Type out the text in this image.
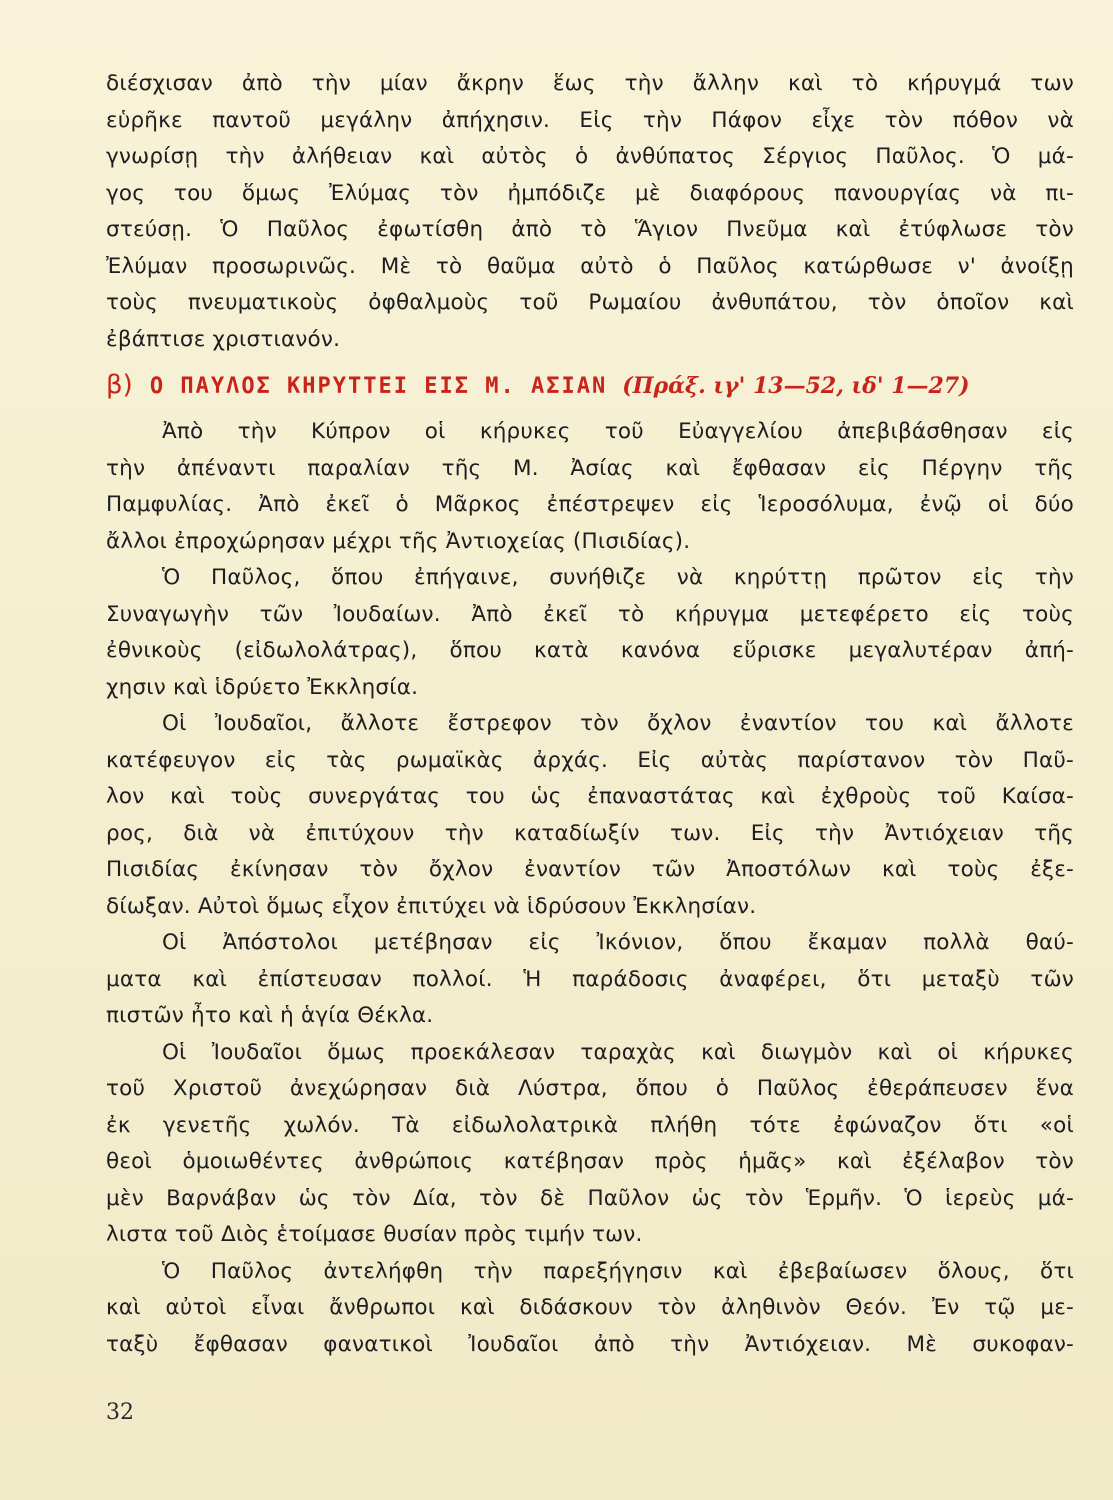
διέσχισαν ἀπὸ τὴν μίαν ἄκρην ἕως τὴν ἄλλην καὶ τὸ κήρυγμά των
εὑρῆκε παντοῦ μεγάλην ἀπήχησιν. Εἰς τὴν Πάφον εἶχε τὸν πόθον νὰ
γνωρίσῃ τὴν ἀλήθειαν καὶ αὐτὸς ὁ ἀνθύπατος Σέργιος Παῦλος. Ὁ μά-
γος του ὅμως Ἐλύμας τὸν ἠμπόδιζε μὲ διαφόρους πανουργίας νὰ πι-
στεύσῃ. Ὁ Παῦλος ἐφωτίσθη ἀπὸ τὸ Ἅγιον Πνεῦμα καὶ ἐτύφλωσε τὸν
Ἐλύμαν προσωρινῶς. Μὲ τὸ θαῦμα αὐτὸ ὁ Παῦλος κατώρθωσε ν' ἀνοίξῃ
τοὺς πνευματικοὺς ὀφθαλμοὺς τοῦ Ρωμαίου ἀνθυπάτου, τὸν ὁποῖον καὶ
ἐβάπτισε χριστιανόν.
β) Ο ΠΑΥΛΟΣ ΚΗΡΥΤΤΕΙ ΕΙΣ Μ. ΑΣΙΑΝ (Πράξ. ιγ' 13—52, ιδ' 1—27)
Ἀπὸ τὴν Κύπρον οἱ κήρυκες τοῦ Εὐαγγελίου ἀπεβιβάσθησαν εἰς
τὴν ἀπέναντι παραλίαν τῆς Μ. Ἀσίας καὶ ἔφθασαν εἰς Πέργην τῆς
Παμφυλίας. Ἀπὸ ἐκεῖ ὁ Μᾶρκος ἐπέστρεψεν εἰς Ἱεροσόλυμα, ἐνῷ οἱ δύο
ἄλλοι ἐπροχώρησαν μέχρι τῆς Ἀντιοχείας (Πισιδίας).
Ὁ Παῦλος, ὅπου ἐπήγαινε, συνήθιζε νὰ κηρύττῃ πρῶτον εἰς τὴν
Συναγωγὴν τῶν Ἰουδαίων. Ἀπὸ ἐκεῖ τὸ κήρυγμα μετεφέρετο εἰς τοὺς
ἐθνικοὺς (εἰδωλολάτρας), ὅπου κατὰ κανόνα εὕρισκε μεγαλυτέραν ἀπή-
χησιν καὶ ἱδρύετο Ἐκκλησία.
Οἱ Ἰουδαῖοι, ἄλλοτε ἔστρεφον τὸν ὄχλον ἐναντίον του καὶ ἄλλοτε
κατέφευγον εἰς τὰς ρωμαϊκὰς ἀρχάς. Εἰς αὐτὰς παρίστανον τὸν Παῦ-
λον καὶ τοὺς συνεργάτας του ὡς ἐπαναστάτας καὶ ἐχθροὺς τοῦ Καίσα-
ρος, διὰ νὰ ἐπιτύχουν τὴν καταδίωξίν των. Εἰς τὴν Ἀντιόχειαν τῆς
Πισιδίας ἐκίνησαν τὸν ὄχλον ἐναντίον τῶν Ἀποστόλων καὶ τοὺς ἐξε-
δίωξαν. Αὐτοὶ ὅμως εἶχον ἐπιτύχει νὰ ἱδρύσουν Ἐκκλησίαν.
Οἱ Ἀπόστολοι μετέβησαν εἰς Ἰκόνιον, ὅπου ἔκαμαν πολλὰ θαύ-
ματα καὶ ἐπίστευσαν πολλοί. Ἡ παράδοσις ἀναφέρει, ὅτι μεταξὺ τῶν
πιστῶν ἦτο καὶ ἡ ἁγία Θέκλα.
Οἱ Ἰουδαῖοι ὅμως προεκάλεσαν ταραχὰς καὶ διωγμὸν καὶ οἱ κήρυκες
τοῦ Χριστοῦ ἀνεχώρησαν διὰ Λύστρα, ὅπου ὁ Παῦλος ἐθεράπευσεν ἕνα
ἐκ γενετῆς χωλόν. Τὰ εἰδωλολατρικὰ πλήθη τότε ἐφώναζον ὅτι «οἱ
θεοὶ ὁμοιωθέντες ἀνθρώποις κατέβησαν πρὸς ἡμᾶς» καὶ ἐξέλαβον τὸν
μὲν Βαρνάβαν ὡς τὸν Δία, τὸν δὲ Παῦλον ὡς τὸν Ἑρμῆν. Ὁ ἱερεὺς μά-
λιστα τοῦ Διὸς ἑτοίμασε θυσίαν πρὸς τιμήν των.
Ὁ Παῦλος ἀντελήφθη τὴν παρεξήγησιν καὶ ἐβεβαίωσεν ὅλους, ὅτι
καὶ αὐτοὶ εἶναι ἄνθρωποι καὶ διδάσκουν τὸν ἀληθινὸν Θεόν. Ἐν τῷ με-
ταξὺ ἔφθασαν φανατικοὶ Ἰουδαῖοι ἀπὸ τὴν Ἀντιόχειαν. Μὲ συκοφαν-
32
